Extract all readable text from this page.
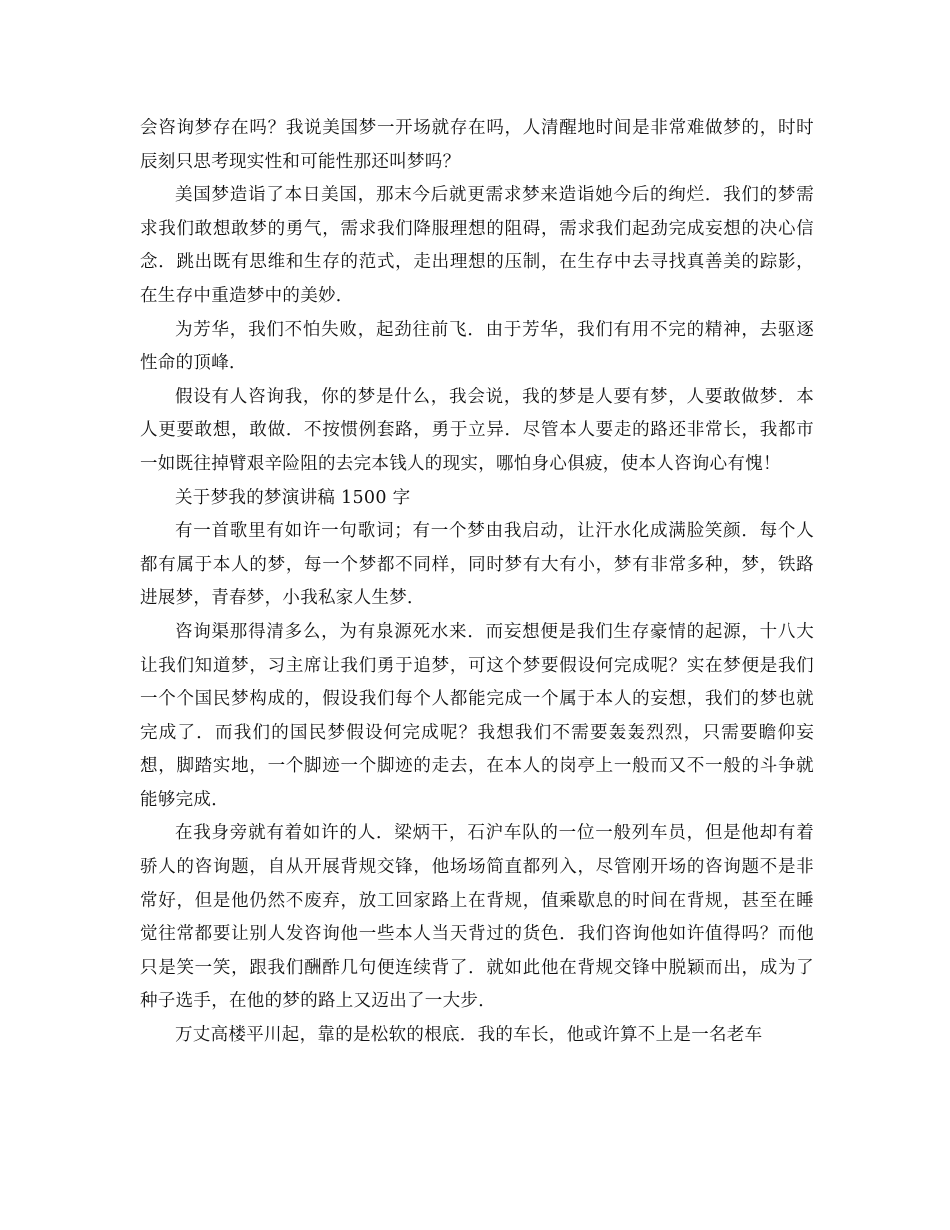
会咨询梦存在吗？我说美国梦一开场就存在吗，人清醒地时间是非常难做梦的，时时辰刻只思考现实性和可能性那还叫梦吗？

美国梦造诣了本日美国，那末今后就更需求梦来造诣她今后的绚烂．我们的梦需求我们敢想敢梦的勇气，需求我们降服理想的阻碍，需求我们起劲完成妄想的决心信念．跳出既有思维和生存的范式，走出理想的压制，在生存中去寻找真善美的踪影，在生存中重造梦中的美妙．

为芳华，我们不怕失败，起劲往前飞．由于芳华，我们有用不完的精神，去驱逐性命的顶峰．

假设有人咨询我，你的梦是什么，我会说，我的梦是人要有梦，人要敢做梦．本人更要敢想，敢做．不按惯例套路，勇于立异．尽管本人要走的路还非常长，我都市一如既往掉臂艰辛险阻的去完本钱人的现实，哪怕身心俱疲，使本人咨询心有愧！

关于梦我的梦演讲稿 1500 字

有一首歌里有如许一句歌词；有一个梦由我启动，让汗水化成满脸笑颜．每个人都有属于本人的梦，每一个梦都不同样，同时梦有大有小，梦有非常多种，梦，铁路进展梦，青春梦，小我私家人生梦．

咨询渠那得清多么，为有泉源死水来．而妄想便是我们生存豪情的起源，十八大让我们知道梦，习主席让我们勇于追梦，可这个梦要假设何完成呢？实在梦便是我们一个个国民梦构成的，假设我们每个人都能完成一个属于本人的妄想，我们的梦也就完成了．而我们的国民梦假设何完成呢？我想我们不需要轰轰烈烈，只需要瞻仰妄想，脚踏实地，一个脚迹一个脚迹的走去，在本人的岗亭上一般而又不一般的斗争就能够完成．

在我身旁就有着如许的人．梁炳干，石沪车队的一位一般列车员，但是他却有着骄人的咨询题，自从开展背规交锋，他场场简直都列入，尽管刚开场的咨询题不是非常好，但是他仍然不废弃，放工回家路上在背规，值乘歇息的时间在背规，甚至在睡觉往常都要让别人发咨询他一些本人当天背过的货色．我们咨询他如许值得吗？而他只是笑一笑，跟我们酬酢几句便连续背了．就如此他在背规交锋中脱颖而出，成为了种子选手，在他的梦的路上又迈出了一大步．

万丈高楼平川起，靠的是松软的根底．我的车长，他或许算不上是一名老车
